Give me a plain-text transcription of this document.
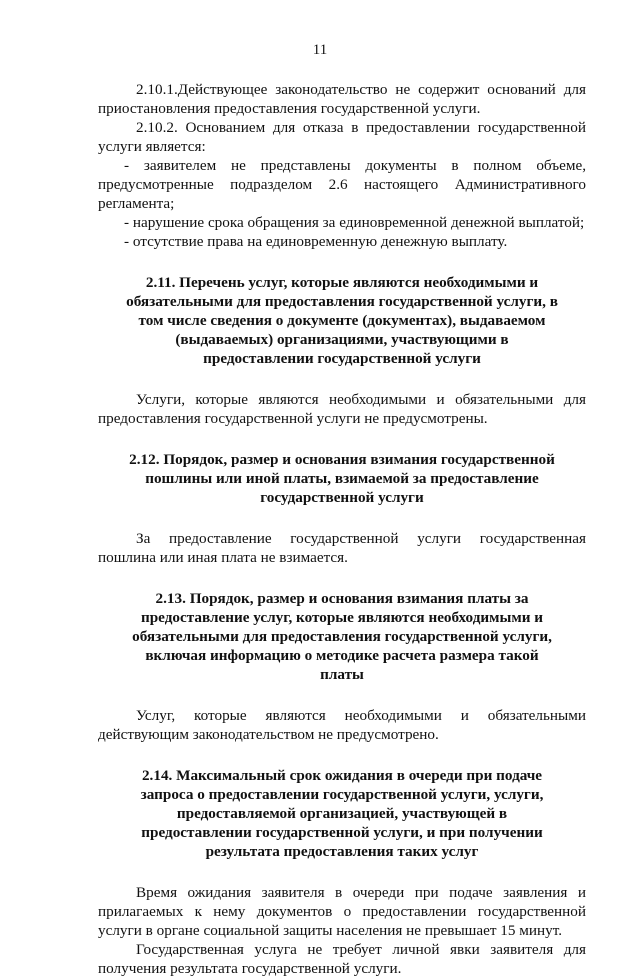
11

2.10.1.Действующее законодательство не содержит оснований для приостановления предоставления государственной услуги.

2.10.2. Основанием для отказа в предоставлении государственной услуги является:

- заявителем не представлены документы в полном объеме, предусмотренные подразделом 2.6 настоящего Административного регламента;

- нарушение срока обращения за единовременной денежной выплатой;

- отсутствие права на единовременную денежную выплату.

2.11. Перечень услуг, которые являются необходимыми и обязательными для предоставления государственной услуги, в том числе сведения о документе (документах), выдаваемом (выдаваемых) организациями, участвующими в предоставлении государственной услуги

Услуги, которые являются необходимыми и обязательными для предоставления государственной услуги не предусмотрены.

2.12. Порядок, размер и основания взимания государственной пошлины или иной платы, взимаемой за предоставление государственной услуги

За предоставление государственной услуги государственная пошлина или иная плата не взимается.

2.13. Порядок, размер и основания взимания платы за предоставление услуг, которые являются необходимыми и обязательными для предоставления государственной услуги, включая информацию о методике расчета размера такой платы

Услуг, которые являются необходимыми и обязательными действующим законодательством не предусмотрено.

2.14. Максимальный срок ожидания в очереди при подаче запроса о предоставлении государственной услуги, услуги, предоставляемой организацией, участвующей в предоставлении государственной услуги, и при получении результата предоставления таких услуг

Время ожидания заявителя в очереди при подаче заявления и прилагаемых к нему документов о предоставлении государственной услуги в органе социальной защиты населения не превышает 15 минут.

Государственная услуга не требует личной явки заявителя для получения результата государственной услуги.
